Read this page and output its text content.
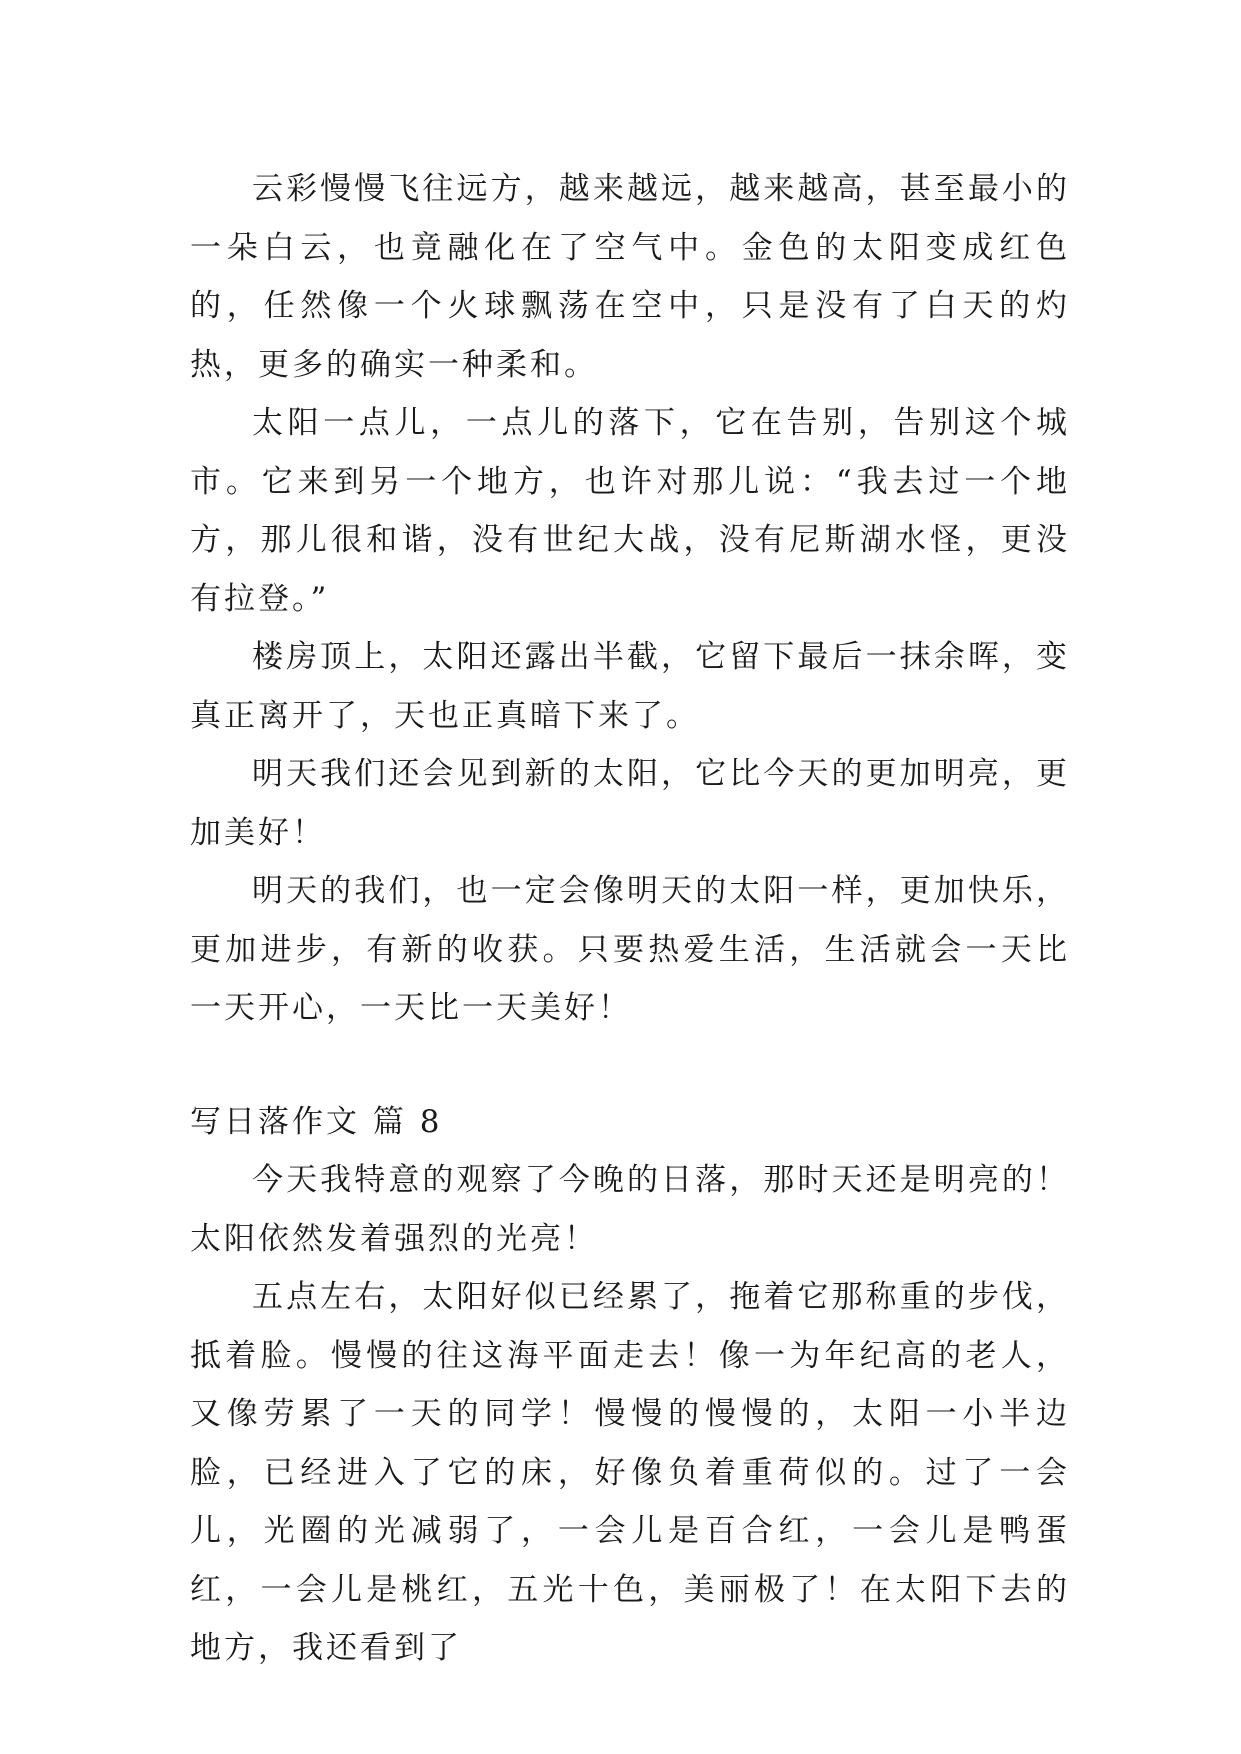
云彩慢慢飞往远方，越来越远，越来越高，甚至最小的一朵白云，也竟融化在了空气中。金色的太阳变成红色的，任然像一个火球飘荡在空中，只是没有了白天的灼热，更多的确实一种柔和。

太阳一点儿，一点儿的落下，它在告别，告别这个城市。它来到另一个地方，也许对那儿说：“我去过一个地方，那儿很和谐，没有世纪大战，没有尼斯湖水怪，更没有拉登。”

楼房顶上，太阳还露出半截，它留下最后一抹余晖，变真正离开了，天也正真暗下来了。

明天我们还会见到新的太阳，它比今天的更加明亮，更加美好！

明天的我们，也一定会像明天的太阳一样，更加快乐，更加进步，有新的收获。只要热爱生活，生活就会一天比一天开心，一天比一天美好！

写日落作文 篇 8

今天我特意的观察了今晚的日落，那时天还是明亮的！太阳依然发着强烈的光亮！

五点左右，太阳好似已经累了，拖着它那称重的步伐，抵着脸。慢慢的往这海平面走去！像一为年纪高的老人，又像劳累了一天的同学！慢慢的慢慢的，太阳一小半边脸，已经进入了它的床，好像负着重荷似的。过了一会儿，光圈的光减弱了，一会儿是百合红，一会儿是鸭蛋红，一会儿是桃红，五光十色，美丽极了！在太阳下去的地方，我还看到了
